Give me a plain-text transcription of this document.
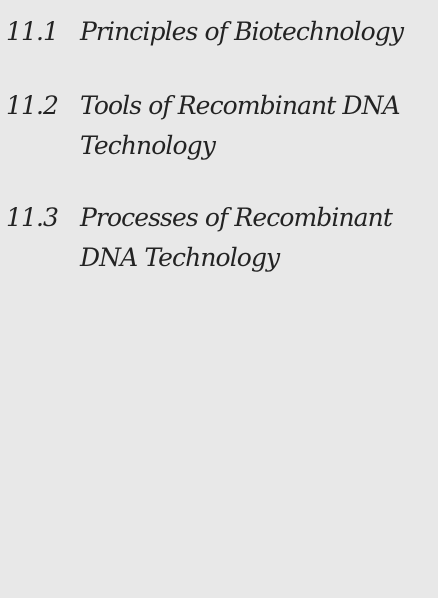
11.1 Principles of Biotechnology
11.2 Tools of Recombinant DNA
Technology
11.3 Processes of Recombinant
DNA Technology
